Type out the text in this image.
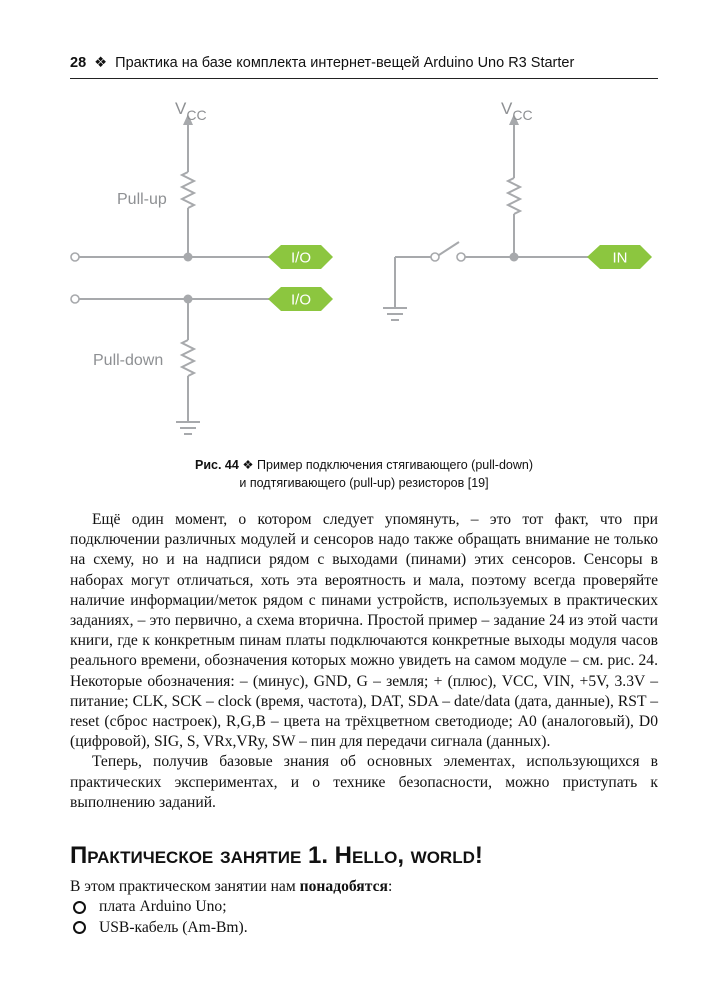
28 ❖ Практика на базе комплекта интернет-вещей Arduino Uno R3 Starter
I/O
I/O
IN
$V_{CC}$	$V_{CC}$
Pull-up
Pull-down
Рис. 44 ❖ Пример подключения стягивающего (pull-down)
и подтягивающего (pull-up) резисторов [19]

Ещё один момент, о котором следует упомянуть, – это тот факт, что при подключении различных модулей и сенсоров надо также обращать внимание не только на схему, но и на надписи рядом с выходами (пинами) этих сенсоров. Сенсоры в наборах могут отличаться, хоть эта вероятность и мала, поэтому всегда проверяйте наличие информации/меток рядом с пинами устройств, используемых в практических заданиях, – это первично, а схема вторична. Простой пример – задание 24 из этой части книги, где к конкретным пинам платы подключаются конкретные выходы модуля часов реального времени, обозначения которых можно увидеть на самом модуле – см. рис. 24. Некоторые обозначения: – (минус), GND, G – земля; + (плюс), VCC, VIN, +5V, 3.3V – питание; CLK, SCK – clock (время, частота), DAT, SDA – date/data (дата, данные), RST – reset (сброс настроек), R,G,B – цвета на трёхцветном светодиоде; A0 (аналоговый), D0 (цифровой), SIG, S, VRx,VRy, SW – пин для передачи сигнала (данных).

Теперь, получив базовые знания об основных элементах, использующихся в практических экспериментах, и о технике безопасности, можно приступать к выполнению заданий.

Практическое занятие 1. Hello, world!
В этом практическом занятии нам понадобятся:
плата Arduino Uno;
USB-кабель (Am-Bm).
